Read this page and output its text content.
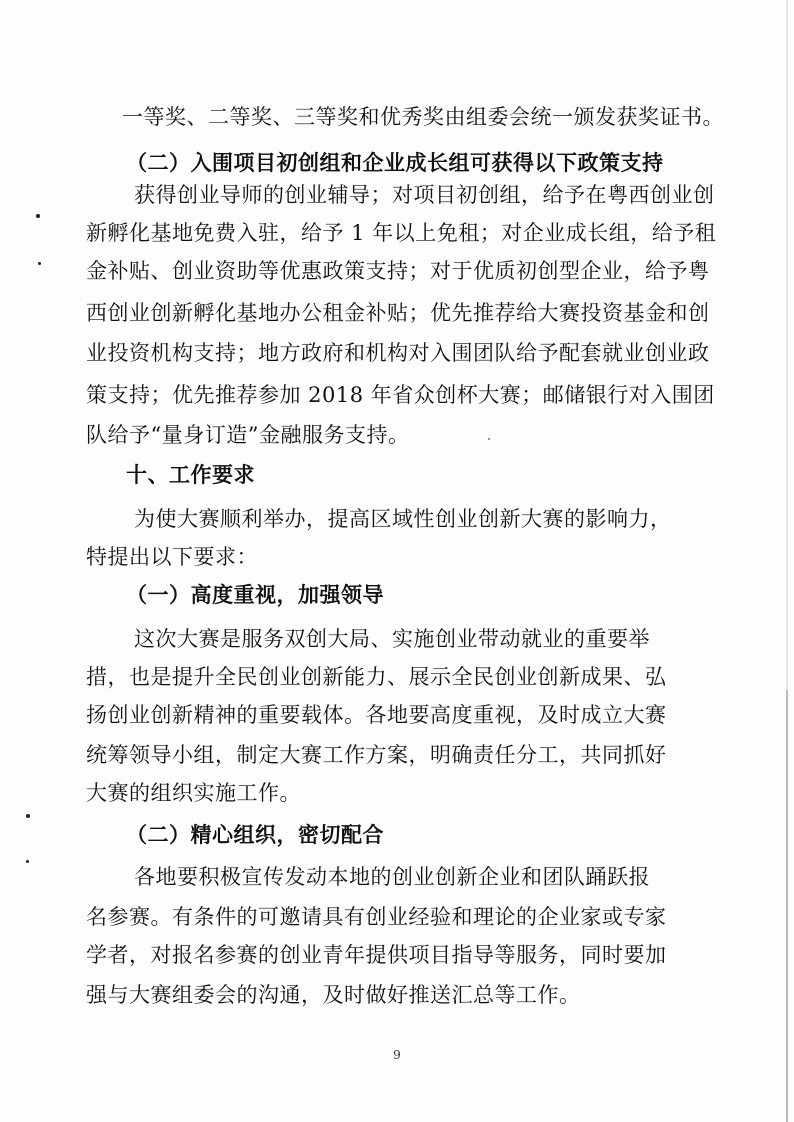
一等奖、二等奖、三等奖和优秀奖由组委会统一颁发获奖证书。
（二）入围项目初创组和企业成长组可获得以下政策支持
获得创业导师的创业辅导；对项目初创组，给予在粤西创业创
新孵化基地免费入驻，给予 1 年以上免租；对企业成长组，给予租
金补贴、创业资助等优惠政策支持；对于优质初创型企业，给予粤
西创业创新孵化基地办公租金补贴；优先推荐给大赛投资基金和创
业投资机构支持；地方政府和机构对入围团队给予配套就业创业政
策支持；优先推荐参加 2018 年省众创杯大赛；邮储银行对入围团
队给予“量身订造”金融服务支持。
十、工作要求
为使大赛顺利举办，提高区域性创业创新大赛的影响力，
特提出以下要求：
（一）高度重视，加强领导
这次大赛是服务双创大局、实施创业带动就业的重要举
措，也是提升全民创业创新能力、展示全民创业创新成果、弘
扬创业创新精神的重要载体。各地要高度重视，及时成立大赛
统筹领导小组，制定大赛工作方案，明确责任分工，共同抓好
大赛的组织实施工作。
（二）精心组织，密切配合
各地要积极宣传发动本地的创业创新企业和团队踊跃报
名参赛。有条件的可邀请具有创业经验和理论的企业家或专家
学者，对报名参赛的创业青年提供项目指导等服务，同时要加
强与大赛组委会的沟通，及时做好推送汇总等工作。
9
